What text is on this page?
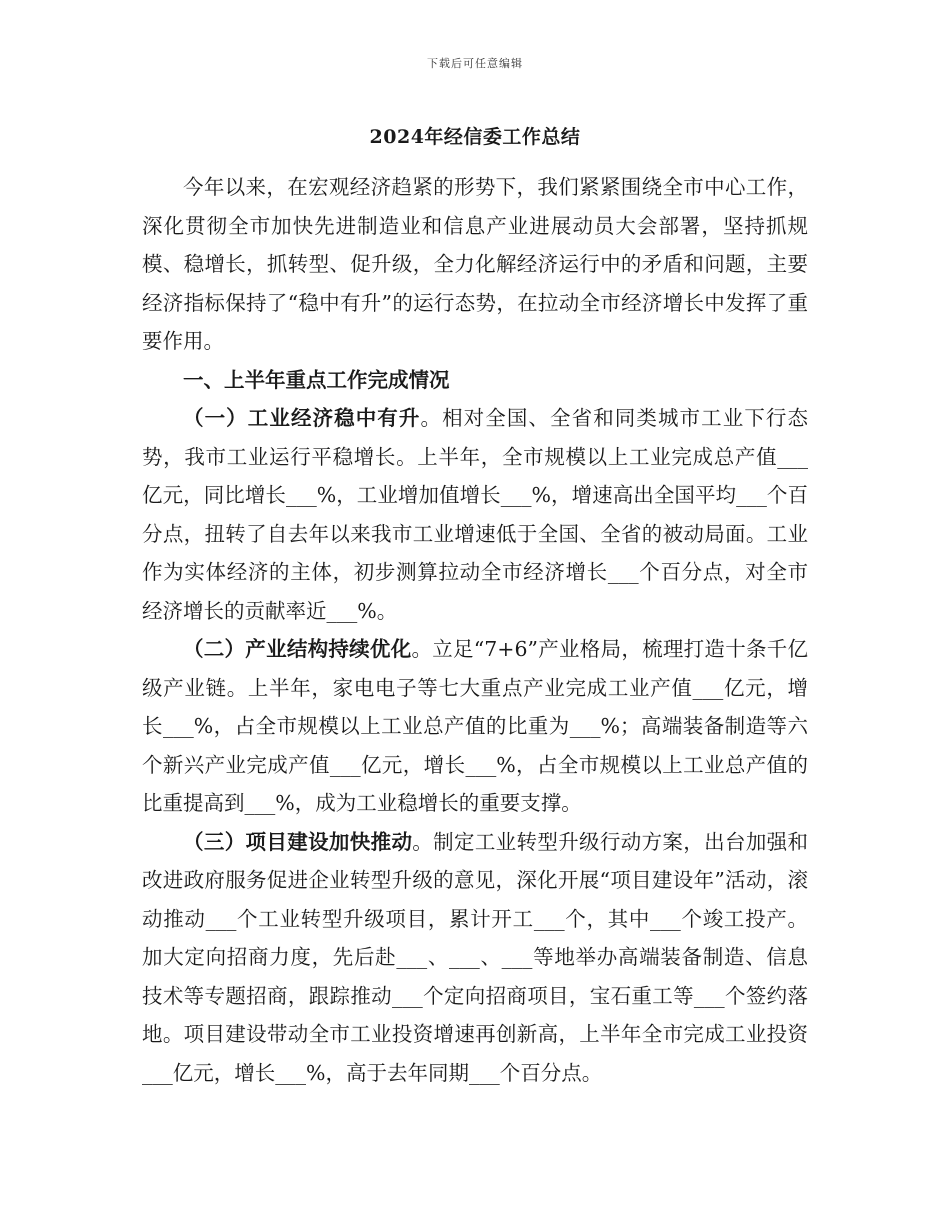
下载后可任意编辑
2024年经信委工作总结

今年以来，在宏观经济趋紧的形势下，我们紧紧围绕全市中心工作，深化贯彻全市加快先进制造业和信息产业进展动员大会部署，坚持抓规模、稳增长，抓转型、促升级，全力化解经济运行中的矛盾和问题，主要经济指标保持了“稳中有升”的运行态势，在拉动全市经济增长中发挥了重要作用。

一、上半年重点工作完成情况

（一）工业经济稳中有升。相对全国、全省和同类城市工业下行态势，我市工业运行平稳增长。上半年，全市规模以上工业完成总产值___亿元，同比增长___%，工业增加值增长___%，增速高出全国平均___个百分点，扭转了自去年以来我市工业增速低于全国、全省的被动局面。工业作为实体经济的主体，初步测算拉动全市经济增长___个百分点，对全市经济增长的贡献率近___%。

（二）产业结构持续优化。立足“7+6”产业格局，梳理打造十条千亿级产业链。上半年，家电电子等七大重点产业完成工业产值___亿元，增长___%，占全市规模以上工业总产值的比重为___%；高端装备制造等六个新兴产业完成产值___亿元，增长___%，占全市规模以上工业总产值的比重提高到___%，成为工业稳增长的重要支撑。

（三）项目建设加快推动。制定工业转型升级行动方案，出台加强和改进政府服务促进企业转型升级的意见，深化开展“项目建设年”活动，滚动推动___个工业转型升级项目，累计开工___个，其中___个竣工投产。加大定向招商力度，先后赴___、___、___等地举办高端装备制造、信息技术等专题招商，跟踪推动___个定向招商项目，宝石重工等___个签约落地。项目建设带动全市工业投资增速再创新高，上半年全市完成工业投资___亿元，增长___%，高于去年同期___个百分点。
